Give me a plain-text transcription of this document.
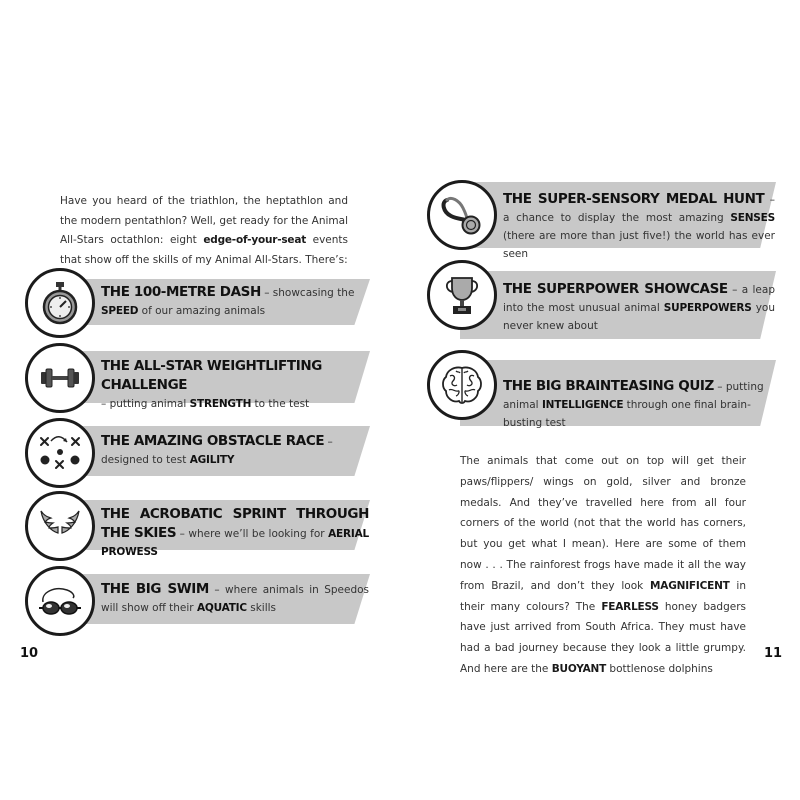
Have you heard of the triathlon, the heptathlon and the modern pentathlon? Well, get ready for the Animal All-Stars octathlon: eight edge-of-your-seat events that show off the skills of my Animal All-Stars. There’s:

THE 100-METRE DASH – showcasing the SPEED of our amazing animals
THE ALL-STAR WEIGHTLIFTING CHALLENGE
– putting animal STRENGTH to the test
THE AMAZING OBSTACLE RACE – designed to test AGILITY
THE ACROBATIC SPRINT THROUGH THE SKIES – where we’ll be looking for AERIAL PROWESS
THE BIG SWIM – where animals in Speedos will show off their AQUATIC skills
10
THE SUPER-SENSORY MEDAL HUNT – a chance to display the most amazing SENSES (there are more than just five!) the world has ever seen
THE SUPERPOWER SHOWCASE – a leap into the most unusual animal SUPERPOWERS you never knew about
THE BIG BRAINTEASING QUIZ – putting animal INTELLIGENCE through one final brain-busting test

The animals that come out on top will get their paws/flippers/ wings on gold, silver and bronze medals. And they’ve travelled here from all four corners of the world (not that the world has corners, but you get what I mean). Here are some of them now . . . The rainforest frogs have made it all the way from Brazil, and don’t they look MAGNIFICENT in their many colours? The FEARLESS honey badgers have just arrived from South Africa. They must have had a bad journey because they look a little grumpy. And here are the BUOYANT bottlenose dolphins

11
